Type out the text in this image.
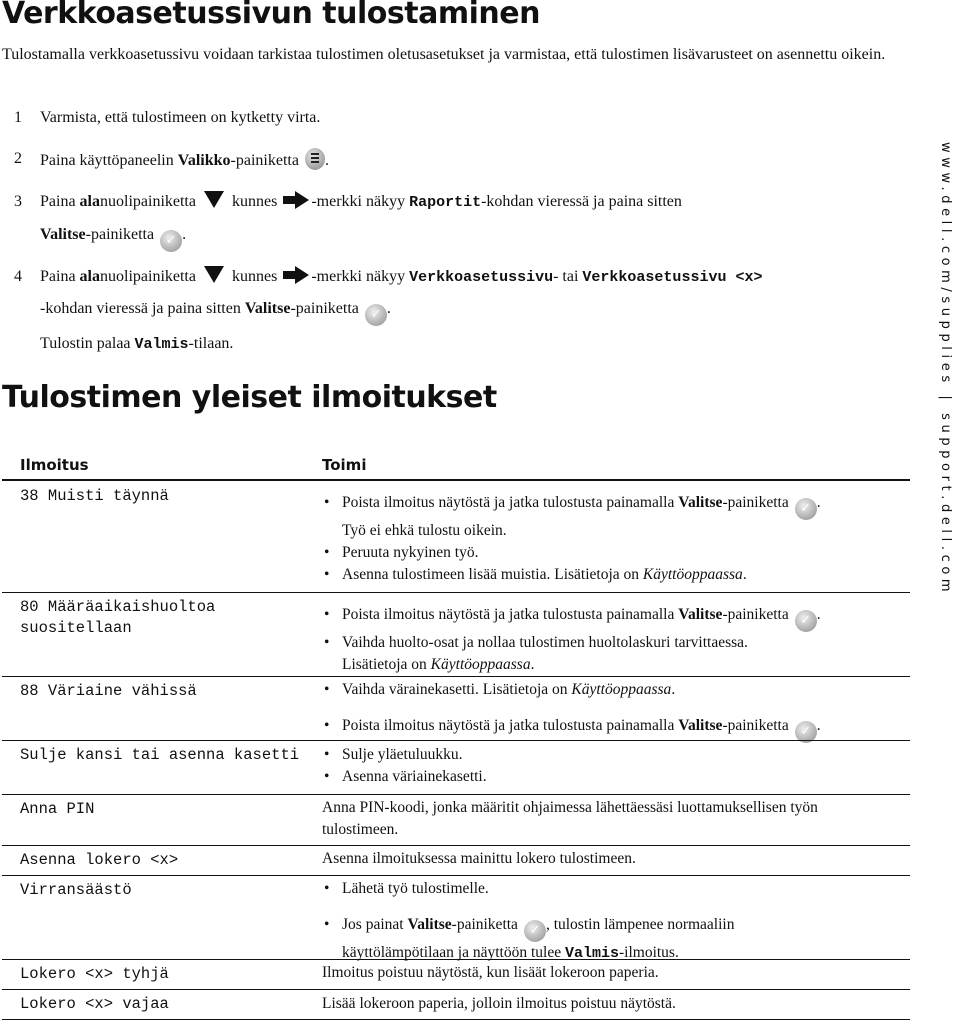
Verkkoasetussivun tulostaminen
Tulostamalla verkkoasetussivu voidaan tarkistaa tulostimen oletusasetukset ja varmistaa, että tulostimen lisävarusteet on asennettu oikein.
1	Varmista, että tulostimeen on kytketty virta.
2	Paina käyttöpaneelin Valikko-painiketta .
3	Paina alanuolipainiketta kunnes -merkki näkyy Raportit-kohdan vieressä ja paina sitten
Valitse-painiketta ✓ .
4	Paina alanuolipainiketta kunnes -merkki näkyy Verkkoasetussivu- tai Verkkoasetussivu <x>
-kohdan vieressä ja paina sitten Valitse-painiketta ✓ .
Tulostin palaa Valmis-tilaan.
Tulostimen yleiset ilmoitukset
Ilmoitus	Toimi
38 Muisti täynnä	• Poista ilmoitus näytöstä ja jatka tulostusta painamalla Valitse-painiketta ✓ .
Työ ei ehkä tulostu oikein.
• Peruuta nykyinen työ.
• Asenna tulostimeen lisää muistia. Lisätietoja on Käyttöoppaassa.
80 Määräaikaishuoltoa suositellaan
• Poista ilmoitus näytöstä ja jatka tulostusta painamalla Valitse-painiketta ✓ .
• Vaihda huolto-osat ja nollaa tulostimen huoltolaskuri tarvittaessa.
Lisätietoja on Käyttöoppaassa.
88 Väriaine vähissä	• Vaihda värainekasetti. Lisätietoja on Käyttöoppaassa.
• Poista ilmoitus näytöstä ja jatka tulostusta painamalla Valitse-painiketta ✓ .
Sulje kansi tai asenna kasetti	• Sulje yläetuluukku.
• Asenna väriainekasetti.
Anna PIN	Anna PIN-koodi, jonka määritit ohjaimessa lähettäessäsi luottamuksellisen työn tulostimeen.
Asenna lokero <x>	Asenna ilmoituksessa mainittu lokero tulostimeen.
Virransäästö	• Lähetä työ tulostimelle.
• Jos painat Valitse-painiketta ✓ , tulostin lämpenee normaaliin
käyttölämpötilaan ja näyttöön tulee Valmis-ilmoitus.
Lokero <x> tyhjä	Ilmoitus poistuu näytöstä, kun lisäät lokeroon paperia.
Lokero <x> vajaa	Lisää lokeroon paperia, jolloin ilmoitus poistuu näytöstä.
www.dell.com/supplies | support.dell.com
